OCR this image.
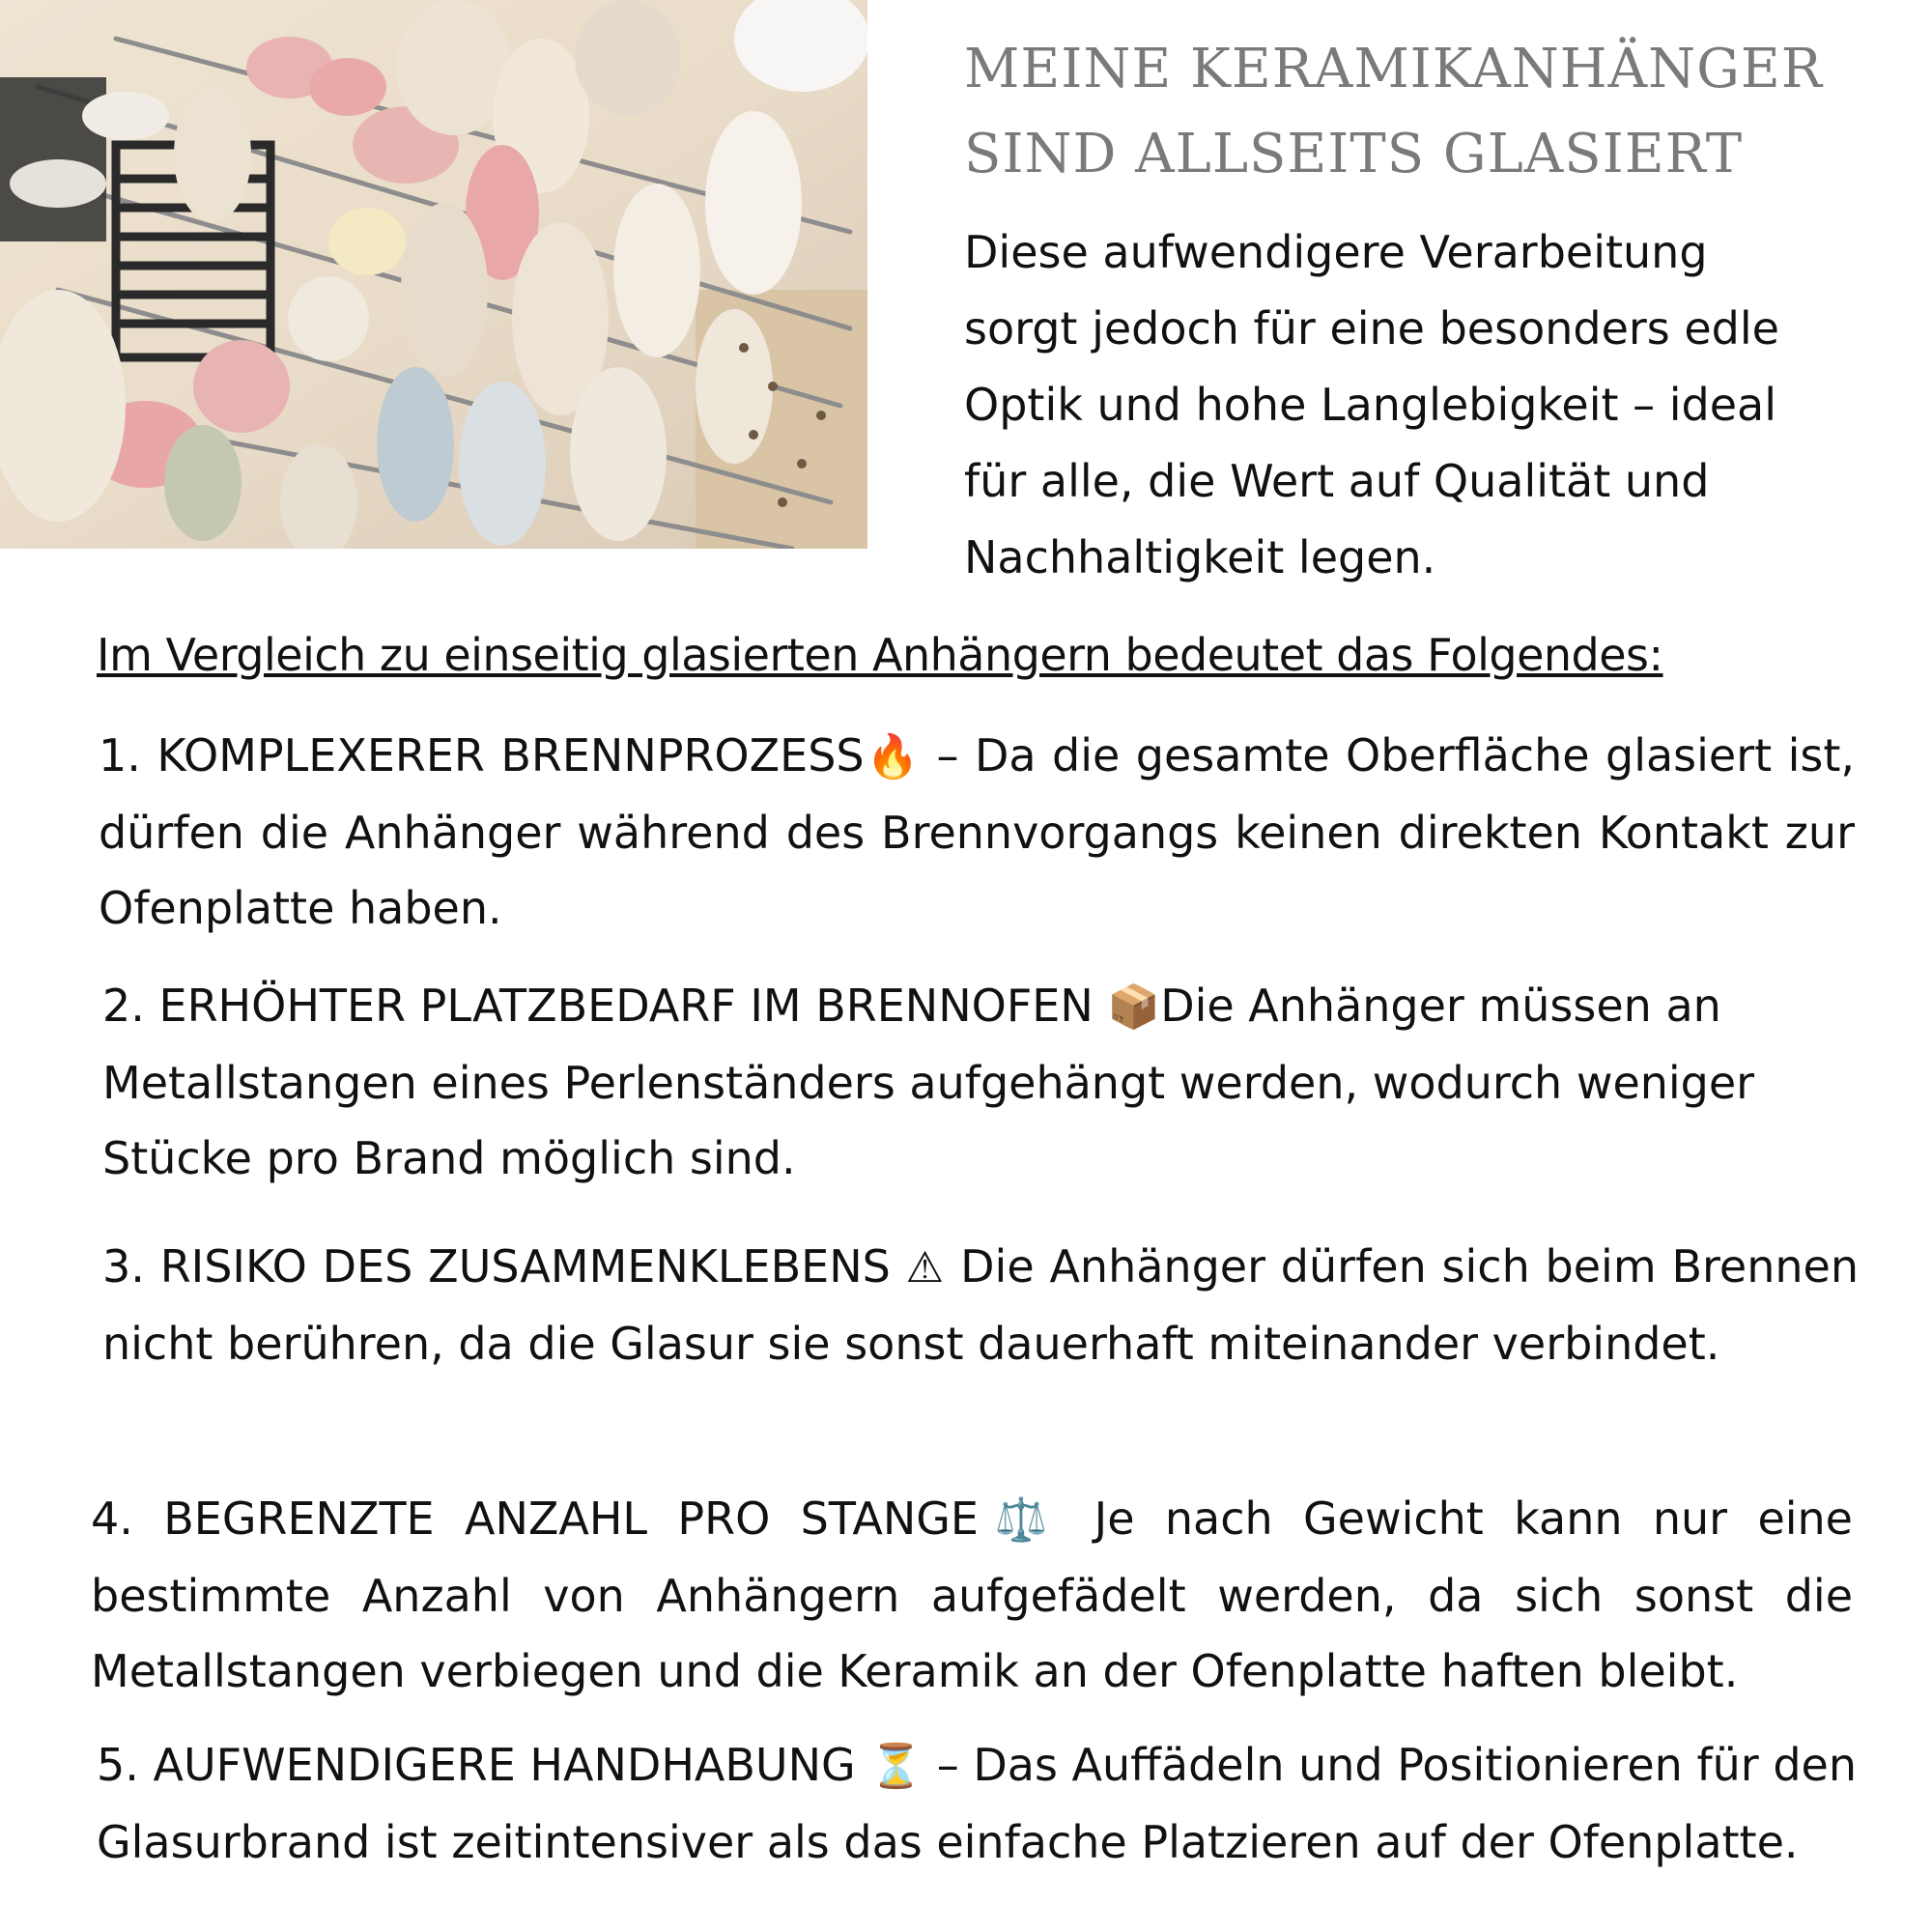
MEINE KERAMIKANHÄNGER
SIND ALLSEITS GLASIERT

Diese aufwendigere Verarbeitung sorgt jedoch für eine besonders edle Optik und hohe Langlebigkeit – ideal für alle, die Wert auf Qualität und Nachhaltigkeit legen.

Im Vergleich zu einseitig glasierten Anhängern bedeutet das Folgendes:

1. KOMPLEXERER BRENNPROZESS🔥 – Da die gesamte Oberfläche glasiert ist, dürfen die Anhänger während des Brennvorgangs keinen direkten Kontakt zur Ofenplatte haben.

2. ERHÖHTER PLATZBEDARF IM BRENNOFEN 📦Die Anhänger müssen an Metallstangen eines Perlenständers aufgehängt werden, wodurch weniger Stücke pro Brand möglich sind.

3. RISIKO DES ZUSAMMENKLEBENS ⚠ Die Anhänger dürfen sich beim Brennen nicht berühren, da die Glasur sie sonst dauerhaft miteinander verbindet.

4. BEGRENZTE ANZAHL PRO STANGE⚖️ Je nach Gewicht kann nur eine bestimmte Anzahl von Anhängern aufgefädelt werden, da sich sonst die Metallstangen verbiegen und die Keramik an der Ofenplatte haften bleibt.

5. AUFWENDIGERE HANDHABUNG ⏳ – Das Auffädeln und Positionieren für den Glasurbrand ist zeitintensiver als das einfache Platzieren auf der Ofenplatte.
